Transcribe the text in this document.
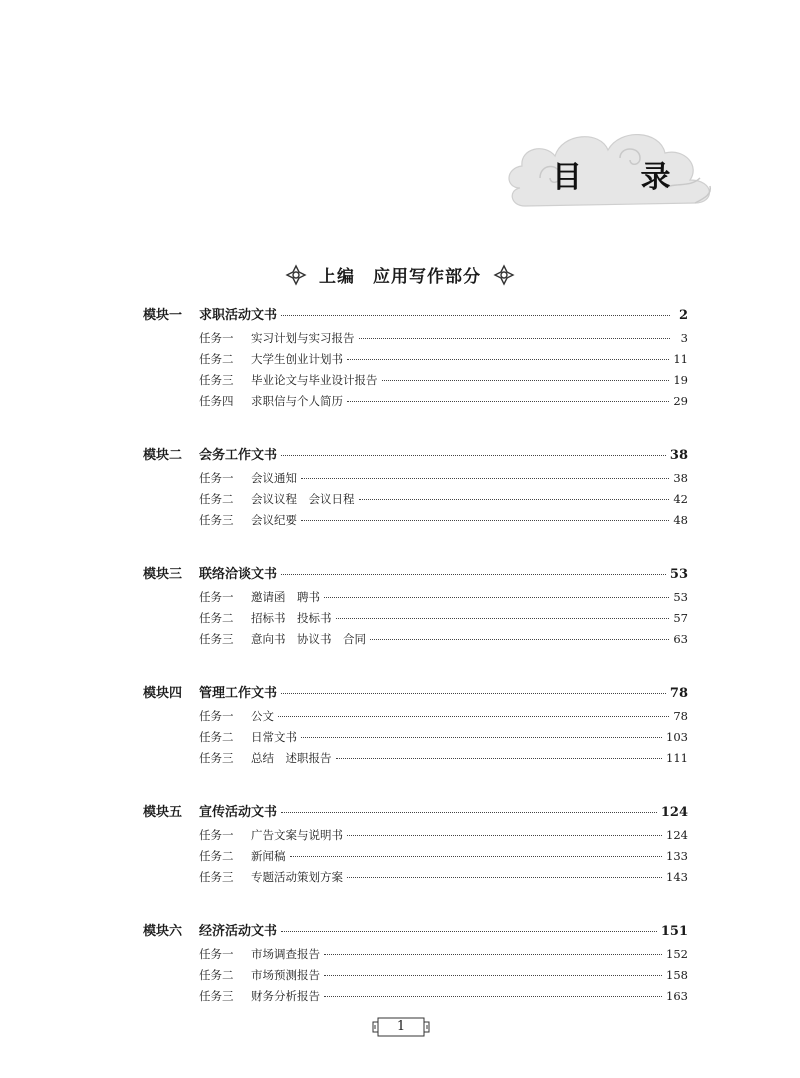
目 录
上编　应用写作部分
模块一	求职活动文书	2
任务一	实习计划与实习报告	3
任务二	大学生创业计划书	11
任务三	毕业论文与毕业设计报告	19
任务四	求职信与个人简历	29
模块二	会务工作文书	38
任务一	会议通知	38
任务二	会议议程　会议日程	42
任务三	会议纪要	48
模块三	联络洽谈文书	53
任务一	邀请函　聘书	53
任务二	招标书　投标书	57
任务三	意向书　协议书　合同	63
模块四	管理工作文书	78
任务一	公文	78
任务二	日常文书	103
任务三	总结　述职报告	111
模块五	宣传活动文书	124
任务一	广告文案与说明书	124
任务二	新闻稿	133
任务三	专题活动策划方案	143
模块六	经济活动文书	151
任务一	市场调查报告	152
任务二	市场预测报告	158
任务三	财务分析报告	163
1
